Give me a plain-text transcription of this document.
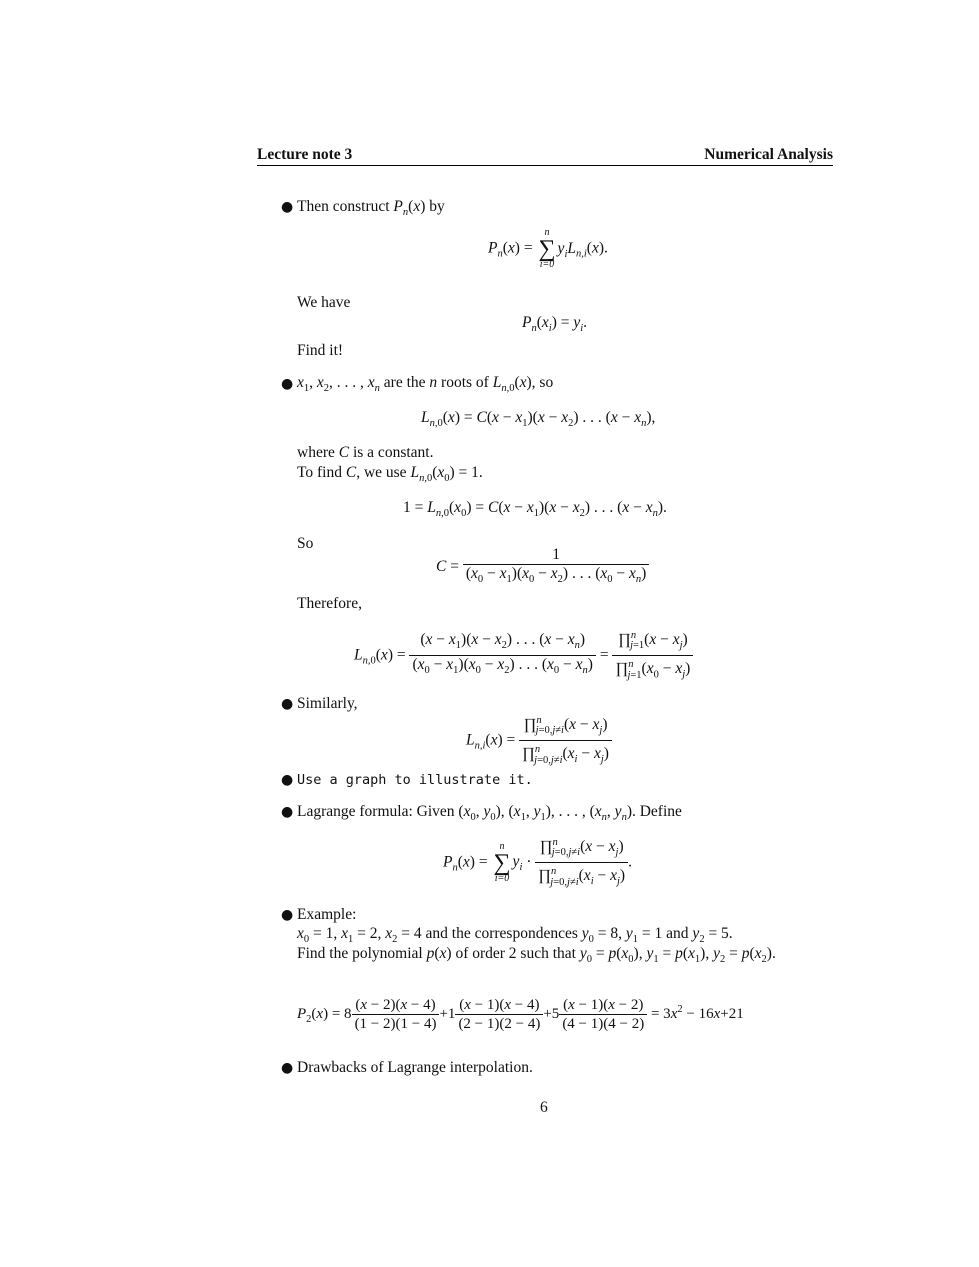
Lecture note 3	Numerical Analysis
● Then construct $P_n(x)$ by
$P_n(x)$ =
n
∑
i=0
$y_iL_{n,i}(x)$.
We have
$P_n(x_i) = y_i$.
Find it!
● $x_1$, $x_2$, . . . , $x_n$ are the n roots of $L_{n,0}(x)$, so
$L_{n,0}(x) = C(x - x_1)(x - x_2)$ . . . $(x - x_n)$,
where C is a constant.
To find C, we use $L_{n,0}(x_0) = 1$.
$1 = L_{n,0}(x_0) = C(x - x_1)(x - x_2)$ . . . $(x - x_n)$.
So
$C = \frac{1}{(x_0 - x_1)(x_0 - x_2) . . . (x_0 - x_n)}$
Therefore,
$L_{n,0}(x) = \frac{(x - x_1)(x - x_2) . . . (x - x_n)}{(x_0 - x_1)(x_0 - x_2) . . . (x_0 - x_n)} = \frac{\prod^n_{j=1}(x - x_j)}{\prod^n_{j=1}(x_0 - x_j)}$
● Similarly,
$L_{n,i}(x) = \frac{\prod^n_{j=0,j\ne i}(x - x_j)}{\prod^n_{j=0,j\ne i}(x_i - x_j)}$
● Use a graph to illustrate it.
● Lagrange formula: Given ($x_0$, $y_0$), ($x_1$, $y_1$), . . . , ($x_n$, $y_n$). Define
$P_n(x)$ =
n
∑
i=0
$y_i \cdot \frac{\prod^n_{j=0,j\ne i}(x - x_j)}{\prod^n_{j=0,j\ne i}(x_i - x_j)}$ .
● Example:
$x_0 = 1$, $x_1 = 2$, $x_2 = 4$ and the correspondences $y_0 = 8$, $y_1 = 1$ and $y_2 = 5$.
Find the polynomial p(x) of order 2 such that $y_0 = p(x_0)$, $y_1 = p(x_1)$, $y_2 = p(x_2)$.
$P_2(x) = 8 \frac{(x - 2)(x - 4)}{(1 - 2)(1 - 4)} +1 \frac{(x - 1)(x - 4)}{(2 - 1)(2 - 4)} +5 \frac{(x - 1)(x - 2)}{(4 - 1)(4 - 2)} = 3x^2 - 16x+21$
● Drawbacks of Lagrange interpolation.
6
